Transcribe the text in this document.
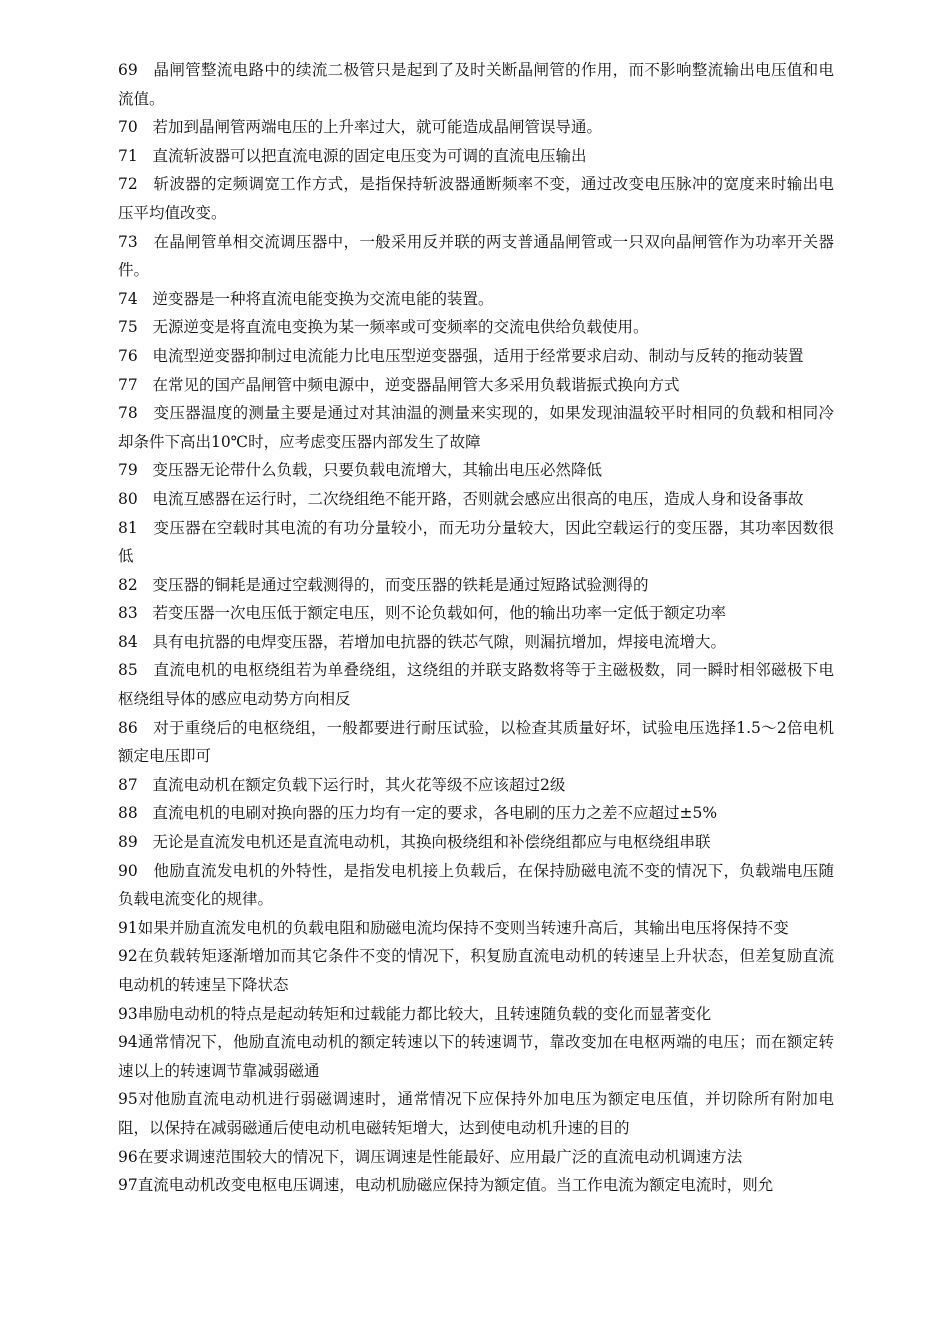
69 晶闸管整流电路中的续流二极管只是起到了及时关断晶闸管的作用，而不影响整流输出电压值和电流值。

70 若加到晶闸管两端电压的上升率过大，就可能造成晶闸管误导通。

71 直流斩波器可以把直流电源的固定电压变为可调的直流电压输出

72 斩波器的定频调宽工作方式，是指保持斩波器通断频率不变，通过改变电压脉冲的宽度来时输出电压平均值改变。

73 在晶闸管单相交流调压器中，一般采用反并联的两支普通晶闸管或一只双向晶闸管作为功率开关器件。

74 逆变器是一种将直流电能变换为交流电能的装置。

75 无源逆变是将直流电变换为某一频率或可变频率的交流电供给负载使用。

76 电流型逆变器抑制过电流能力比电压型逆变器强，适用于经常要求启动、制动与反转的拖动装置

77 在常见的国产晶闸管中频电源中，逆变器晶闸管大多采用负载谐振式换向方式

78 变压器温度的测量主要是通过对其油温的测量来实现的，如果发现油温较平时相同的负载和相同冷却条件下高出10℃时，应考虑变压器内部发生了故障

79 变压器无论带什么负载，只要负载电流增大，其输出电压必然降低

80 电流互感器在运行时，二次绕组绝不能开路，否则就会感应出很高的电压，造成人身和设备事故

81 变压器在空载时其电流的有功分量较小，而无功分量较大，因此空载运行的变压器，其功率因数很低

82 变压器的铜耗是通过空载测得的，而变压器的铁耗是通过短路试验测得的

83 若变压器一次电压低于额定电压，则不论负载如何，他的输出功率一定低于额定功率

84 具有电抗器的电焊变压器，若增加电抗器的铁芯气隙，则漏抗增加，焊接电流增大。

85 直流电机的电枢绕组若为单叠绕组，这绕组的并联支路数将等于主磁极数，同一瞬时相邻磁极下电枢绕组导体的感应电动势方向相反

86 对于重绕后的电枢绕组，一般都要进行耐压试验，以检查其质量好坏，试验电压选择1.5～2倍电机额定电压即可

87 直流电动机在额定负载下运行时，其火花等级不应该超过2级

88 直流电机的电刷对换向器的压力均有一定的要求，各电刷的压力之差不应超过±5%

89 无论是直流发电机还是直流电动机，其换向极绕组和补偿绕组都应与电枢绕组串联

90 他励直流发电机的外特性，是指发电机接上负载后，在保持励磁电流不变的情况下，负载端电压随负载电流变化的规律。

91如果并励直流发电机的负载电阻和励磁电流均保持不变则当转速升高后，其输出电压将保持不变

92在负载转矩逐渐增加而其它条件不变的情况下，积复励直流电动机的转速呈上升状态，但差复励直流电动机的转速呈下降状态

93串励电动机的特点是起动转矩和过载能力都比较大，且转速随负载的变化而显著变化

94通常情况下，他励直流电动机的额定转速以下的转速调节，靠改变加在电枢两端的电压；而在额定转速以上的转速调节靠减弱磁通

95对他励直流电动机进行弱磁调速时，通常情况下应保持外加电压为额定电压值，并切除所有附加电阻，以保持在减弱磁通后使电动机电磁转矩增大，达到使电动机升速的目的

96在要求调速范围较大的情况下，调压调速是性能最好、应用最广泛的直流电动机调速方法

97直流电动机改变电枢电压调速，电动机励磁应保持为额定值。当工作电流为额定电流时，则允
